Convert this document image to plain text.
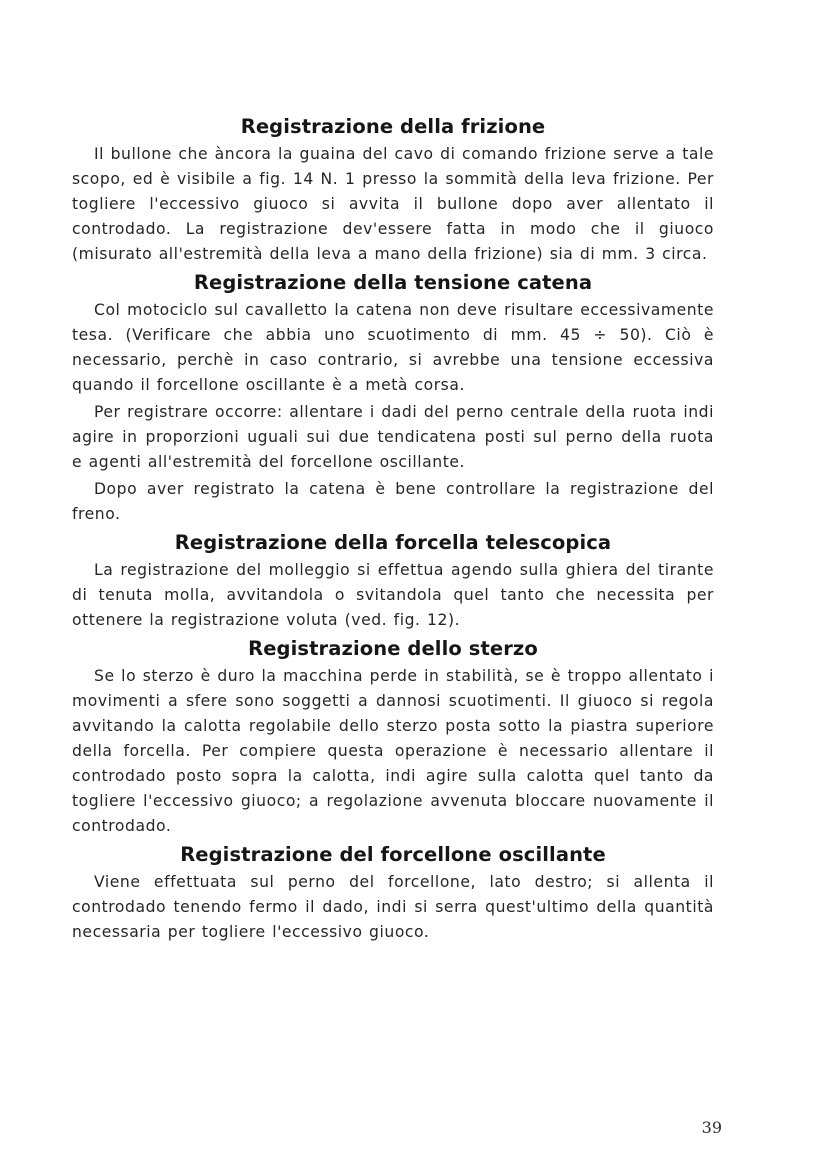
Registrazione della frizione

Il bullone che àncora la guaina del cavo di comando frizione serve a tale scopo, ed è visibile a fig. 14 N. 1 presso la sommità della leva frizione. Per togliere l'eccessivo giuoco si avvita il bullone dopo aver allentato il controdado. La registrazione dev'essere fatta in modo che il giuoco (misurato all'estremità della leva a mano della frizione) sia di mm. 3 circa.

Registrazione della tensione catena

Col motociclo sul cavalletto la catena non deve risultare eccessivamente tesa. (Verificare che abbia uno scuotimento di mm. 45 ÷ 50). Ciò è necessario, perchè in caso contrario, si avrebbe una tensione eccessiva quando il forcellone oscillante è a metà corsa.

Per registrare occorre: allentare i dadi del perno centrale della ruota indi agire in proporzioni uguali sui due tendicatena posti sul perno della ruota e agenti all'estremità del forcellone oscillante.

Dopo aver registrato la catena è bene controllare la registrazione del freno.

Registrazione della forcella telescopica

La registrazione del molleggio si effettua agendo sulla ghiera del tirante di tenuta molla, avvitandola o svitandola quel tanto che necessita per ottenere la registrazione voluta (ved. fig. 12).

Registrazione dello sterzo

Se lo sterzo è duro la macchina perde in stabilità, se è troppo allentato i movimenti a sfere sono soggetti a dannosi scuotimenti. Il giuoco si regola avvitando la calotta regolabile dello sterzo posta sotto la piastra superiore della forcella. Per compiere questa operazione è necessario allentare il controdado posto sopra la calotta, indi agire sulla calotta quel tanto da togliere l'eccessivo giuoco; a regolazione avvenuta bloccare nuovamente il controdado.

Registrazione del forcellone oscillante

Viene effettuata sul perno del forcellone, lato destro; si allenta il controdado tenendo fermo il dado, indi si serra quest'ultimo della quantità necessaria per togliere l'eccessivo giuoco.

39
